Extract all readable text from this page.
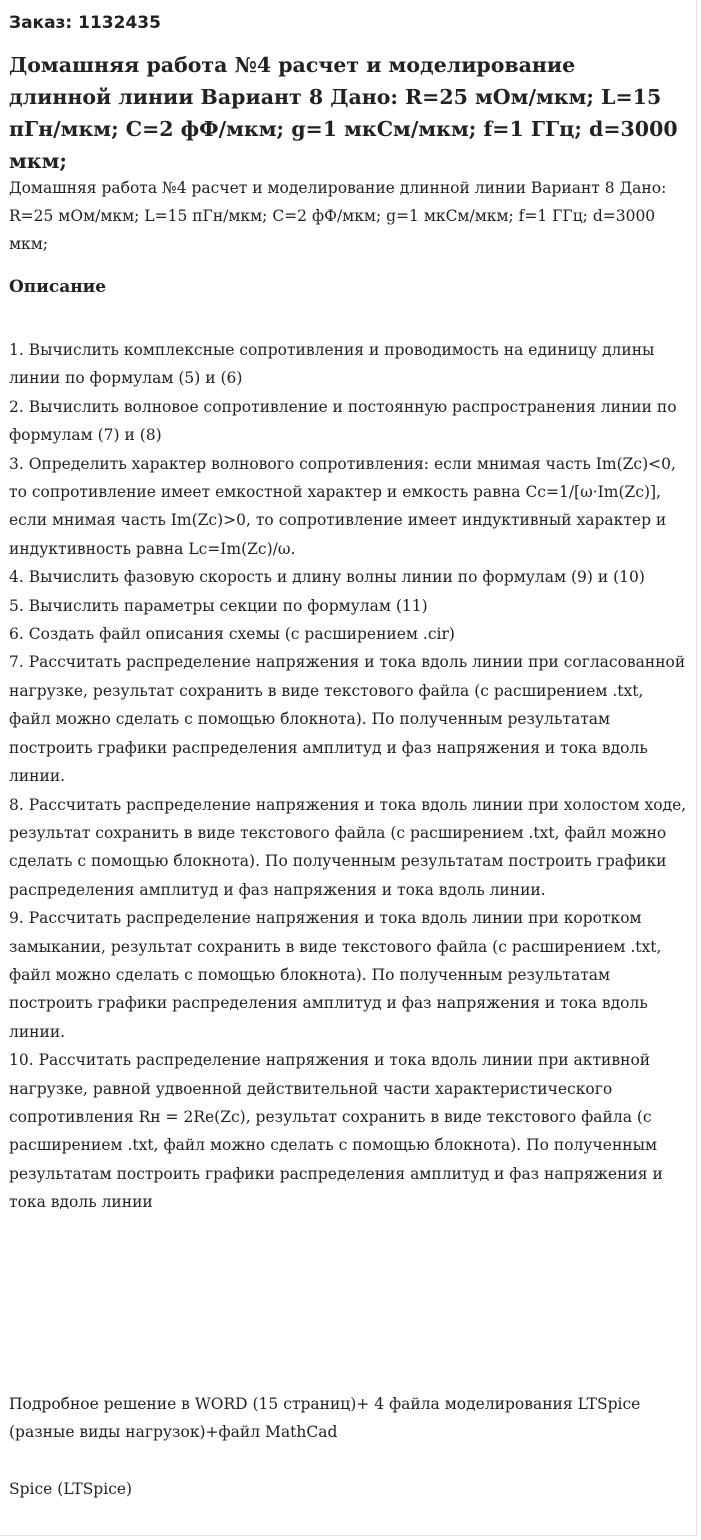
Заказ: 1132435

Домашняя работа №4 расчет и моделирование длинной линии Вариант 8 Дано: R=25 мОм/мкм; L=15 пГн/мкм; C=2 фФ/мкм; g=1 мкСм/мкм; f=1 ГГц; d=3000 мкм;

Домашняя работа №4 расчет и моделирование длинной линии Вариант 8 Дано: R=25 мОм/мкм; L=15 пГн/мкм; C=2 фФ/мкм; g=1 мкСм/мкм; f=1 ГГц; d=3000 мкм;

Описание
1. Вычислить комплексные сопротивления и проводимость на единицу длины линии по формулам (5) и (6)
2. Вычислить волновое сопротивление и постоянную распространения линии по формулам (7) и (8)
3. Определить характер волнового сопротивления: если мнимая часть Im(Zc)<0, то сопротивление имеет емкостной характер и емкость равна Cc=1/[ω·Im(Zc)], если мнимая часть Im(Zc)>0, то сопротивление имеет индуктивный характер и индуктивность равна Lc=Im(Zc)/ω.
4. Вычислить фазовую скорость и длину волны линии по формулам (9) и (10)
5. Вычислить параметры секции по формулам (11)
6. Создать файл описания схемы (с расширением .cir)
7. Рассчитать распределение напряжения и тока вдоль линии при согласованной нагрузке, результат сохранить в виде текстового файла (с расширением .txt, файл можно сделать с помощью блокнота). По полученным результатам построить графики распределения амплитуд и фаз напряжения и тока вдоль линии.
8. Рассчитать распределение напряжения и тока вдоль линии при холостом ходе, результат сохранить в виде текстового файла (с расширением .txt, файл можно сделать с помощью блокнота). По полученным результатам построить графики распределения амплитуд и фаз напряжения и тока вдоль линии.
9. Рассчитать распределение напряжения и тока вдоль линии при коротком замыкании, результат сохранить в виде текстового файла (с расширением .txt, файл можно сделать с помощью блокнота). По полученным результатам построить графики распределения амплитуд и фаз напряжения и тока вдоль линии.
10. Рассчитать распределение напряжения и тока вдоль линии при активной нагрузке, равной удвоенной действительной части характеристического сопротивления Rн = 2Re(Zc), результат сохранить в виде текстового файла (с расширением .txt, файл можно сделать с помощью блокнота). По полученным результатам построить графики распределения амплитуд и фаз напряжения и тока вдоль линии

Подробное решение в WORD (15 страниц)+ 4 файла моделирования LTSpice (разные виды нагрузок)+файл MathCad

Spice (LTSpice)
